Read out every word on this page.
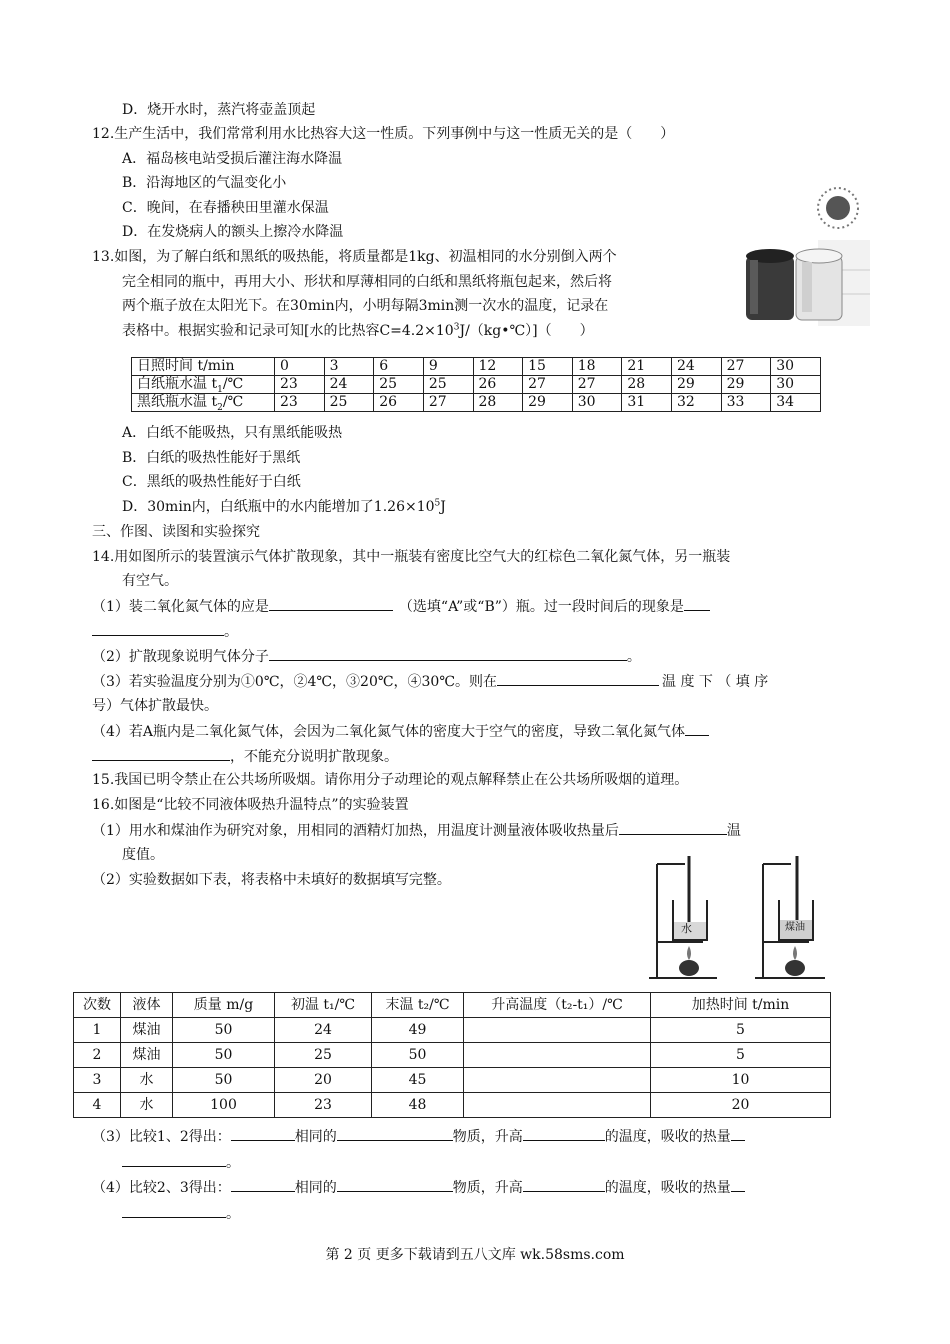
D．烧开水时，蒸汽将壶盖顶起
12.生产生活中，我们常常利用水比热容大这一性质。下列事例中与这一性质无关的是（　　）
A．福岛核电站受损后灌注海水降温
B．沿海地区的气温变化小
C．晚间，在春播秧田里灌水保温
D．在发烧病人的额头上擦冷水降温
13.如图，为了解白纸和黑纸的吸热能，将质量都是1kg、初温相同的水分别倒入两个
完全相同的瓶中，再用大小、形状和厚薄相同的白纸和黑纸将瓶包起来，然后将
两个瓶子放在太阳光下。在30min内，小明每隔3min测一次水的温度，记录在
表格中。根据实验和记录可知[水的比热容$C=4.2\times 10^3J/(kg•℃)$]（　　）
日照时间 t/min	0	3	6	9	12	15	18	21	24	27	30
白纸瓶水温 $t_1/℃$	23	24	25	25	26	27	27	28	29	29	30
黑纸瓶水温 $t_2/℃$	23	25	26	27	28	29	30	31	32	33	34
A．白纸不能吸热，只有黑纸能吸热
B．白纸的吸热性能好于黑纸
C．黑纸的吸热性能好于白纸
D．30min内，白纸瓶中的水内能增加了$1.26\times 10^5J$
三、作图、读图和实验探究
14.用如图所示的装置演示气体扩散现象，其中一瓶装有密度比空气大的红棕色二氧化氮气体，另一瓶装
有空气。
（1）装二氧化氮气体的应是	（选填“A”或“B”）瓶。过一段时间后的现象是
。
（2）扩散现象说明气体分子	。
（3）若实验温度分别为①0℃，②4℃，③20℃，④30℃。则在	温 度 下 （ 填 序
号）气体扩散最快。
（4）若A瓶内是二氧化氮气体，会因为二氧化氮气体的密度大于空气的密度，导致二氧化氮气体
，不能充分说明扩散现象。
15.我国已明令禁止在公共场所吸烟。请你用分子动理论的观点解释禁止在公共场所吸烟的道理。
16.如图是“比较不同液体吸热升温特点”的实验装置
（1）用水和煤油作为研究对象，用相同的酒精灯加热，用温度计测量液体吸收热量后	温
度值。
（2）实验数据如下表，将表格中未填好的数据填写完整。
水	煤油
次数	液体	质量 m/g	初温 t₁/℃	末温 t₂/℃	升高温度（t₂-t₁）/℃	加热时间 t/min
1	煤油	50	24	49		5
2	煤油	50	25	50		5
3	水	50	20	45		10
4	水	100	23	48		20
（3）比较1、2得出：	相同的	物质，升高	的温度，吸收的热量
。
（4）比较2、3得出：	相同的	物质，升高	的温度，吸收的热量
。
第 2 页 更多下载请到五八文库 wk.58sms.com
